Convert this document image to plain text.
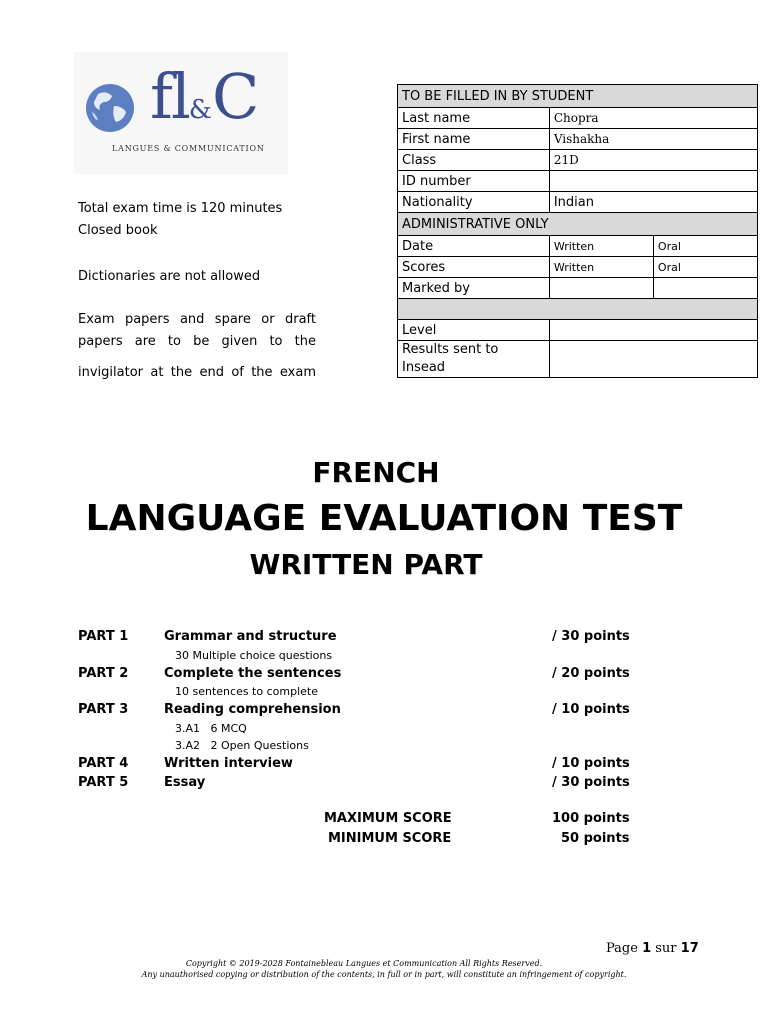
fl&C
LANGUES & COMMUNICATION
Total exam time is 120 minutes
Closed book
Dictionaries are not allowed
Exam papers and spare or draft
papers are to be given to the
invigilator at the end of the exam
TO BE FILLED IN BY STUDENT		
Last name	Chopra	
First name	Vishakha	
Class	21D	
ID number		
Nationality	Indian	
ADMINISTRATIVE ONLY		
Date	Written	Oral
Scores	Written	Oral
Marked by		

Level		
Results sent to
Insead		
FRENCH
LANGUAGE EVALUATION TEST
WRITTEN PART
PART 1	Grammar and structure	/ 30 points
30 Multiple choice questions
PART 2	Complete the sentences	/ 20 points
10 sentences to complete
PART 3	Reading comprehension	/ 10 points
3.A1   6 MCQ
3.A2   2 Open Questions
PART 4	Written interview	/ 10 points
PART 5	Essay	/ 30 points
MAXIMUM SCORE	100 points
MINIMUM SCORE	50 points
Page 1 sur 17
Copyright © 2019-2028 Fontainebleau Langues et Communication All Rights Reserved.
Any unauthorised copying or distribution of the contents, in full or in part, will constitute an infringement of copyright.
